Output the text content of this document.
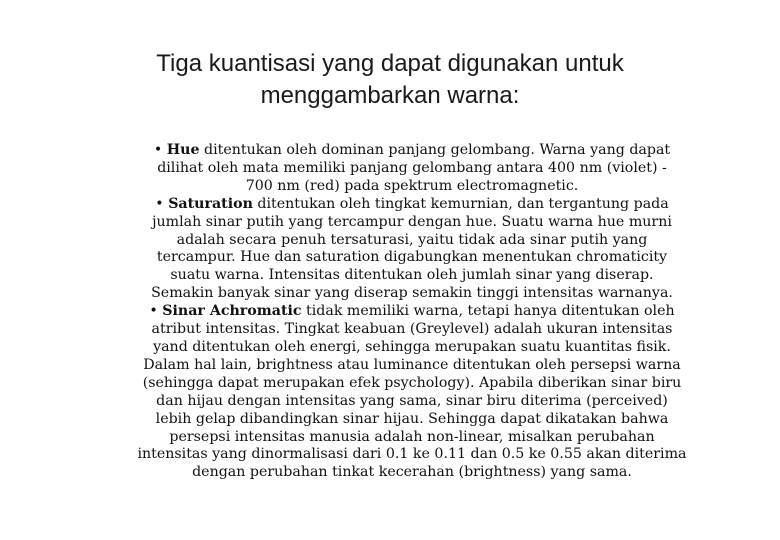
Tiga kuantisasi yang dapat digunakan untuk
menggambarkan warna:
• Hue ditentukan oleh dominan panjang gelombang. Warna yang dapat
dilihat oleh mata memiliki panjang gelombang antara 400 nm (violet) -
700 nm (red) pada spektrum electromagnetic.
• Saturation ditentukan oleh tingkat kemurnian, dan tergantung pada
jumlah sinar putih yang tercampur dengan hue. Suatu warna hue murni
adalah secara penuh tersaturasi, yaitu tidak ada sinar putih yang
tercampur. Hue dan saturation digabungkan menentukan chromaticity
suatu warna. Intensitas ditentukan oleh jumlah sinar yang diserap.
Semakin banyak sinar yang diserap semakin tinggi intensitas warnanya.
• Sinar Achromatic tidak memiliki warna, tetapi hanya ditentukan oleh
atribut intensitas. Tingkat keabuan (Greylevel) adalah ukuran intensitas
yand ditentukan oleh energi, sehingga merupakan suatu kuantitas fisik.
Dalam hal lain, brightness atau luminance ditentukan oleh persepsi warna
(sehingga dapat merupakan efek psychology). Apabila diberikan sinar biru
dan hijau dengan intensitas yang sama, sinar biru diterima (perceived)
lebih gelap dibandingkan sinar hijau. Sehingga dapat dikatakan bahwa
persepsi intensitas manusia adalah non-linear, misalkan perubahan
intensitas yang dinormalisasi dari 0.1 ke 0.11 dan 0.5 ke 0.55 akan diterima
dengan perubahan tinkat kecerahan (brightness) yang sama.
